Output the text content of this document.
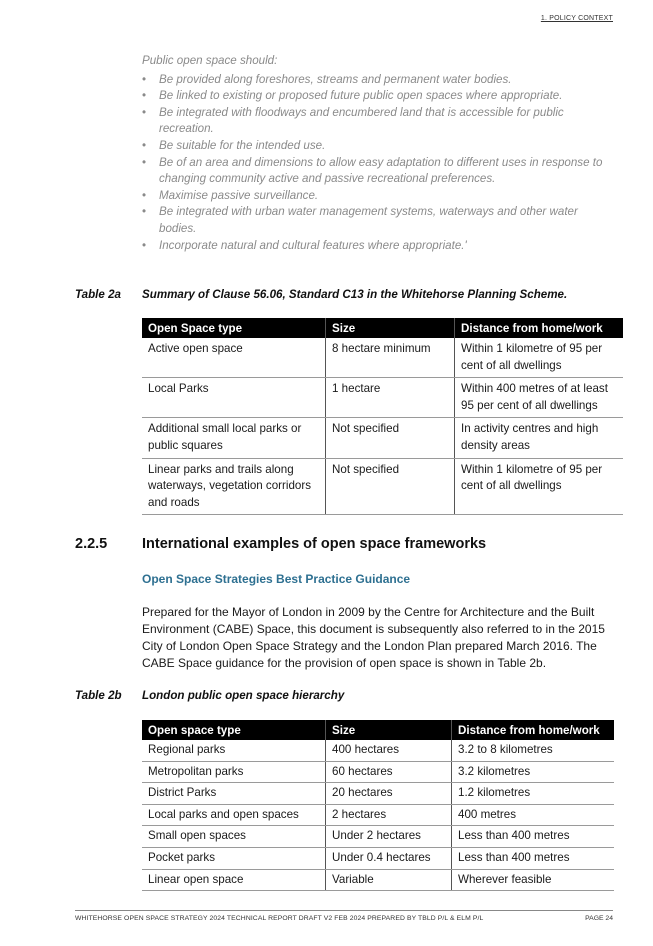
1. POLICY CONTEXT

Public open space should:

• Be provided along foreshores, streams and permanent water bodies.
• Be linked to existing or proposed future public open spaces where appropriate.
• Be integrated with floodways and encumbered land that is accessible for public recreation.
• Be suitable for the intended use.
• Be of an area and dimensions to allow easy adaptation to different uses in response to changing community active and passive recreational preferences.
• Maximise passive surveillance.
• Be integrated with urban water management systems, waterways and other water bodies.
• Incorporate natural and cultural features where appropriate.'
Table 2a Summary of Clause 56.06, Standard C13 in the Whitehorse Planning Scheme.
Open Space type	Size	Distance from home/work
Active open space	8 hectare minimum	Within 1 kilometre of 95 per cent of all dwellings
Local Parks	1 hectare	Within 400 metres of at least 95 per cent of all dwellings
Additional small local parks or public squares	Not specified	In activity centres and high density areas
Linear parks and trails along waterways, vegetation corridors and roads	Not specified	Within 1 kilometre of 95 per cent of all dwellings
2.2.5 International examples of open space frameworks
Open Space Strategies Best Practice Guidance

Prepared for the Mayor of London in 2009 by the Centre for Architecture and the Built Environment (CABE) Space, this document is subsequently also referred to in the 2015 City of London Open Space Strategy and the London Plan prepared March 2016. The CABE Space guidance for the provision of open space is shown in Table 2b.

Table 2b London public open space hierarchy
Open space type	Size	Distance from home/work
Regional parks	400 hectares	3.2 to 8 kilometres
Metropolitan parks	60 hectares	3.2 kilometres
District Parks	20 hectares	1.2 kilometres
Local parks and open spaces	2 hectares	400 metres
Small open spaces	Under 2 hectares	Less than 400 metres
Pocket parks	Under 0.4 hectares	Less than 400 metres
Linear open space	Variable	Wherever feasible
WHITEHORSE OPEN SPACE STRATEGY 2024 TECHNICAL REPORT DRAFT V2 FEB 2024 PREPARED BY TBLD P/L & ELM P/L	PAGE 24
